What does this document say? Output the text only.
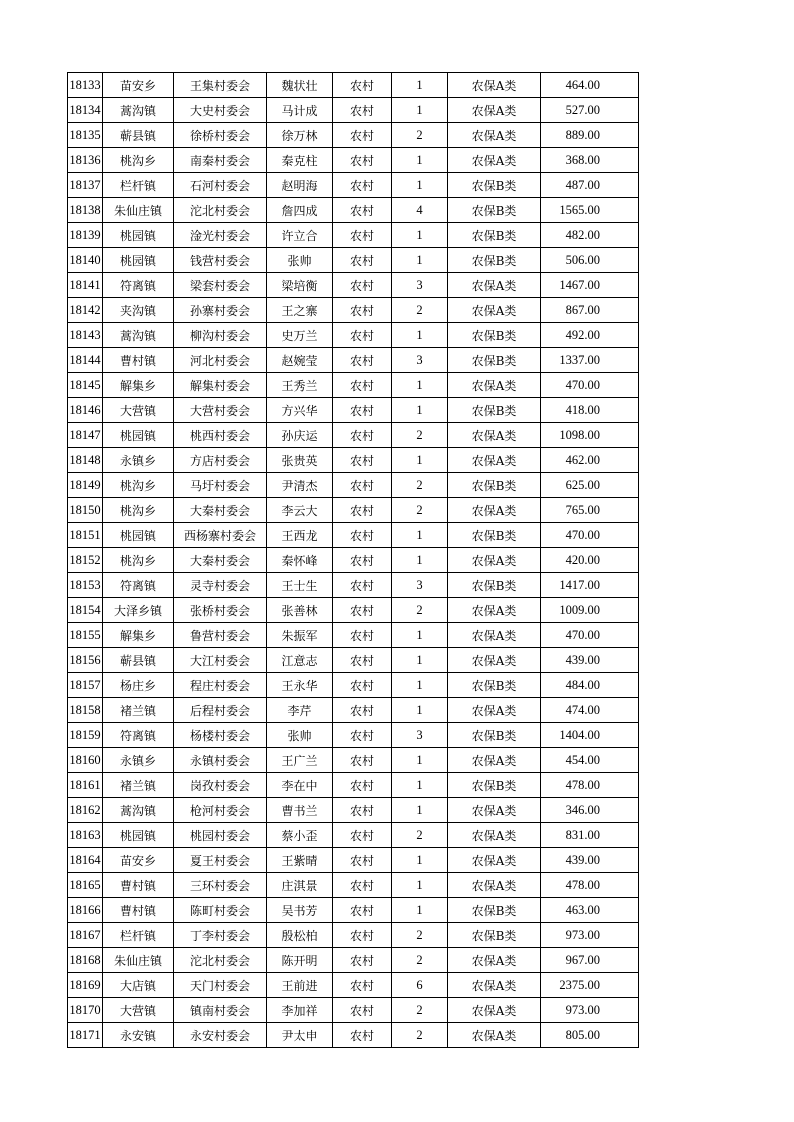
18133	苗安乡	王集村委会	魏状壮	农村	1	农保A类	464.00
18134	蒿沟镇	大史村委会	马计成	农村	1	农保A类	527.00
18135	蕲县镇	徐桥村委会	徐万林	农村	2	农保A类	889.00
18136	桃沟乡	南秦村委会	秦克柱	农村	1	农保A类	368.00
18137	栏杆镇	石河村委会	赵明海	农村	1	农保B类	487.00
18138	朱仙庄镇	沱北村委会	詹四成	农村	4	农保B类	1565.00
18139	桃园镇	淦光村委会	许立合	农村	1	农保B类	482.00
18140	桃园镇	钱营村委会	张帅	农村	1	农保B类	506.00
18141	符离镇	梁套村委会	梁培衡	农村	3	农保A类	1467.00
18142	夹沟镇	孙寨村委会	王之寨	农村	2	农保A类	867.00
18143	蒿沟镇	柳沟村委会	史万兰	农村	1	农保B类	492.00
18144	曹村镇	河北村委会	赵婉莹	农村	3	农保B类	1337.00
18145	解集乡	解集村委会	王秀兰	农村	1	农保A类	470.00
18146	大营镇	大营村委会	方兴华	农村	1	农保B类	418.00
18147	桃园镇	桃西村委会	孙庆运	农村	2	农保A类	1098.00
18148	永镇乡	方店村委会	张贵英	农村	1	农保A类	462.00
18149	桃沟乡	马圩村委会	尹清杰	农村	2	农保B类	625.00
18150	桃沟乡	大秦村委会	李云大	农村	2	农保A类	765.00
18151	桃园镇	西杨寨村委会	王西龙	农村	1	农保B类	470.00
18152	桃沟乡	大秦村委会	秦怀峰	农村	1	农保A类	420.00
18153	符离镇	灵寺村委会	王士生	农村	3	农保B类	1417.00
18154	大泽乡镇	张桥村委会	张善林	农村	2	农保A类	1009.00
18155	解集乡	鲁营村委会	朱振军	农村	1	农保A类	470.00
18156	蕲县镇	大江村委会	江意志	农村	1	农保A类	439.00
18157	杨庄乡	程庄村委会	王永华	农村	1	农保B类	484.00
18158	褚兰镇	后程村委会	李芹	农村	1	农保A类	474.00
18159	符离镇	杨楼村委会	张帅	农村	3	农保B类	1404.00
18160	永镇乡	永镇村委会	王广兰	农村	1	农保A类	454.00
18161	褚兰镇	岗孜村委会	李在中	农村	1	农保B类	478.00
18162	蒿沟镇	枪河村委会	曹书兰	农村	1	农保A类	346.00
18163	桃园镇	桃园村委会	蔡小歪	农村	2	农保A类	831.00
18164	苗安乡	夏王村委会	王紫晴	农村	1	农保A类	439.00
18165	曹村镇	三环村委会	庄淇景	农村	1	农保A类	478.00
18166	曹村镇	陈町村委会	吴书芳	农村	1	农保B类	463.00
18167	栏杆镇	丁李村委会	殷松柏	农村	2	农保B类	973.00
18168	朱仙庄镇	沱北村委会	陈开明	农村	2	农保A类	967.00
18169	大店镇	天门村委会	王前进	农村	6	农保A类	2375.00
18170	大营镇	镇南村委会	李加祥	农村	2	农保A类	973.00
18171	永安镇	永安村委会	尹太申	农村	2	农保A类	805.00
